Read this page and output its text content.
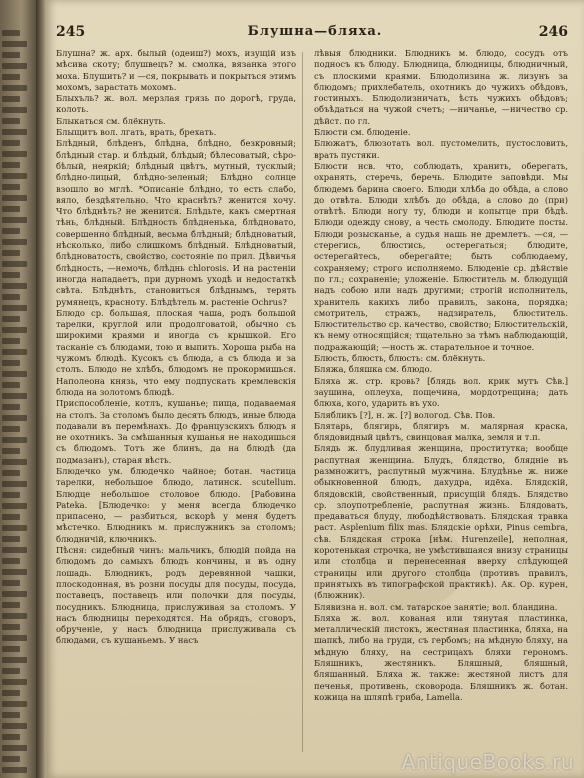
245	Блушна—бляха.	246

Блушна? ж. арх. былый (одеиш?) мохъ, изущій изъ мѣсива скоту; блушвецъ? м. смолка, вязанка этого моха. Блушить? и —ся, покрывать и покрыться этимъ мохомъ, зарастать мохомъ.

Блыхъль? ж. вол. мерзлая грязь по дорогѣ, груда, колоть.

Блыкаться см. блёкнуть.

Блыщитъ вол. лгать, врать, брехать.

Блѣдный, блѣденъ, блѣдна, блѣдно, безкровный; блѣдный стар. и блѣдый, блѣдый; бѣлесоватый, сѣро-бѣлый, неяркій; блѣдный цвѣтъ, мутный, тусклый; блѣдно-лицый, блѣдно-зеленый; Блѣдно солнце взошло во мглѣ. *Описаніе блѣдно, то есть слабо, вяло, бездѣятельно. Что краснѣть? женится хочу. Что блѣднѣть? не женится. Блѣдьте, какъ смертная тѣнь, блѣдный. Блѣдность блѣдненька, блѣдновато, совершенно блѣдный, весьма блѣдный; блѣдноватый, нѣсколько, либо слишкомъ блѣдный. Блѣдноватый, блѣдноватость, свойство, состояніе по прил. Дѣвичья блѣдность, —немочь, блѣднь chlorosis. И на растеніи иногда нападаетъ, при дурномъ уходѣ и недостаткѣ свѣта. Блѣднѣть, становиться блѣднымъ, терять румянецъ, красноту. Блѣдѣтель м. растеніе Ochrus?

Блюдо ср. большая, плоская чаша, родъ большой тарелки, круглой или продолговатой, обычно съ широкими краями и иногда съ крышкой. Его тасканіе съ блюдами, тою и выпить. Хороша рыба на чужомъ блюдѣ. Кусокъ съ блюда, а съ блюда и за столъ. Блюдо не хлѣбъ, блюдомъ не прокормишься. Наполеона князь, что ему подпускать кремлевскія блюда на золотомъ блюдѣ.

Приспособленіе, котлъ, кушанье; пища, подаваемая на столъ. За столомъ было десять блюдъ, иные блюда подавали въ перемѣнахъ. До французскихъ блюдъ я не охотникъ. За смѣшанныя кушанья не находишься съ блюдомъ. Тотъ же блинъ, да на блюдѣ (да подмазанъ), старая вѣсть.

Блюдечко ум. блюдечко чайное; ботан. частица тарелки, небольшое блюдо, латинск. scutellum. Блюдце небольшое столовое блюдо. [Рабовина Pateka. [Блюдечко: у меня всегда блюдечко припасено, — разбиться, вскорѣ у меня будетъ мѣстечко. Блюдникъ м. прислужникъ за столомъ; блюдничій, ключникъ.

Пѣсня: сидебный чинъ: мальчикъ, блюдій пойда на блюдомъ до самыхъ блюдъ кончины, и въ одну лошадь. Блюдникъ, родъ деревянной чашки, плоскодонная, въ розни посуды для посуды, посуда, поставецъ, поставецъ или полочки для посуды, посудникъ. Блюдница, прислуживая за столомъ. У насъ блюдницы переходятся. На обрядъ, сговоръ, обрученіе, у насъ блюдница прислуживала съ блюдами, съ кушаньемъ. У насъ

лѣвыя блюдники. Блюдникъ м. блюдо, сосудъ отъ подносъ къ блюду. Блюдница, блюдницы, блюдничный, съ плоскими краями. Блюдолизина ж. лизунъ за блюдомъ; прихлебатель, охотникъ до чужихъ обѣдовъ, гостиныхъ. Блюдолизничать, ѣсть чужихъ обѣдовъ; объѣдаться на чужой счетъ; —ничанье, —ничество ср. дѣйст. по гл.

Блюсти см. блюденіе.

Блюжатъ, блюзотать вол. пустомелить, пустословить, врать пустяки.

Блюсти нсв. что, соблюдать, хранить, оберегать, охранять, стеречь, беречь. Блюдите заповѣди. Мы блюдемъ барина своего. Блюди хлѣба до обѣда, а слово до отвѣта. Блюди хлѣбъ до обѣда, а слово до (при) отвѣтѣ. Блюди ногу ту, блюди и копытце при бѣдѣ. Блюди одежду снову, а честь смолоду. Блюдите посты. Блюди розысканье, а судья нашь не дремлетъ. —ся, —стерегись, блюстись, остерегаться; блюдите, остерегайтесь, оберегайте; быть соблюдаему, сохраняему; строго исполняемо. Блюденіе ср. дѣйствіе по гл.; сохраненіе; уложеніе. Блюститель м. блюдущій надъ собою или надъ другими; строгій исполнитель, хранитель какихъ либо правилъ, закона, порядка; смотритель, стражъ, надзиратель, блюститель. Блюстительство ср. качество, свойство; Блюстительскій, къ нему относящійся; тщательно за тѣмъ наблюдающій, подражающій; —ность ж. старательное и точное.

Блюсть, блюсть, блюсть: см. блёкнуть.

Бляжа, бляшка см. блюдо.

Бляха ж. стр. кровь? [блядь вол. крик мутъ Сѣв.] заушина, оплеуха, пощечина, мордотрещина; дать блюха, кого, ударить въ ухо.

Блябликъ [?], н. ж. [?] вологод. Сѣв. Пов.

Блятарь, блягирь, блягиръ м. малярная краска, блядовидный цвѣтъ, свинцовая малка, земля и т.п.

Блядь ж. блудливая женщина, проститутка; вообще распутная женщина. Блудъ, блядство, блядніе въ размножитъ, распутный мужчина. Блудѣнье ж. ниже обыкновенной блюдъ, дахудра, идёха. Блядскій, блядовскій, свойственный, присущій блядъ. Блядство ср. злоупотребленіе, распутная жизнь. Блядовать, предаваться блуду, любодѣйствовать. Блядская травка раст. Asplenium filix mas. Блядскіе орѣхи, Pinus cembra, сѣв. Блядская строка [нѣм. Hurenzeile], неполная, коротенькая строчка, не умѣстившаяся внизу страницы или столбца и перенесенная вверху слѣдующей страницы или другого столбца (противъ правилъ, принятыхъ въ типографской практикѣ). Ак. Ор. курен, (блюжник).

Блявизна н. вол. см. татарское занятіе; вол. бландина.

Бляха ж. вол. кованая или тянутая пластинка, металлическій листокъ, жестяная пластинка, бляха, на шапкѣ, либо на груди, съ гербомъ; на мѣдную бляху, на мѣдную бляху, на сестрицахъ бляхи герономъ. Бляшникъ, жестяникъ. Бляшный, бляшный, бляшанный. Бляха ж. также: жестяной листъ для печенья, противень, сковорода. Бляшникъ ж. ботан. кожица на шляпѣ гриба, Lamella.

AntiqueBooks.ru
